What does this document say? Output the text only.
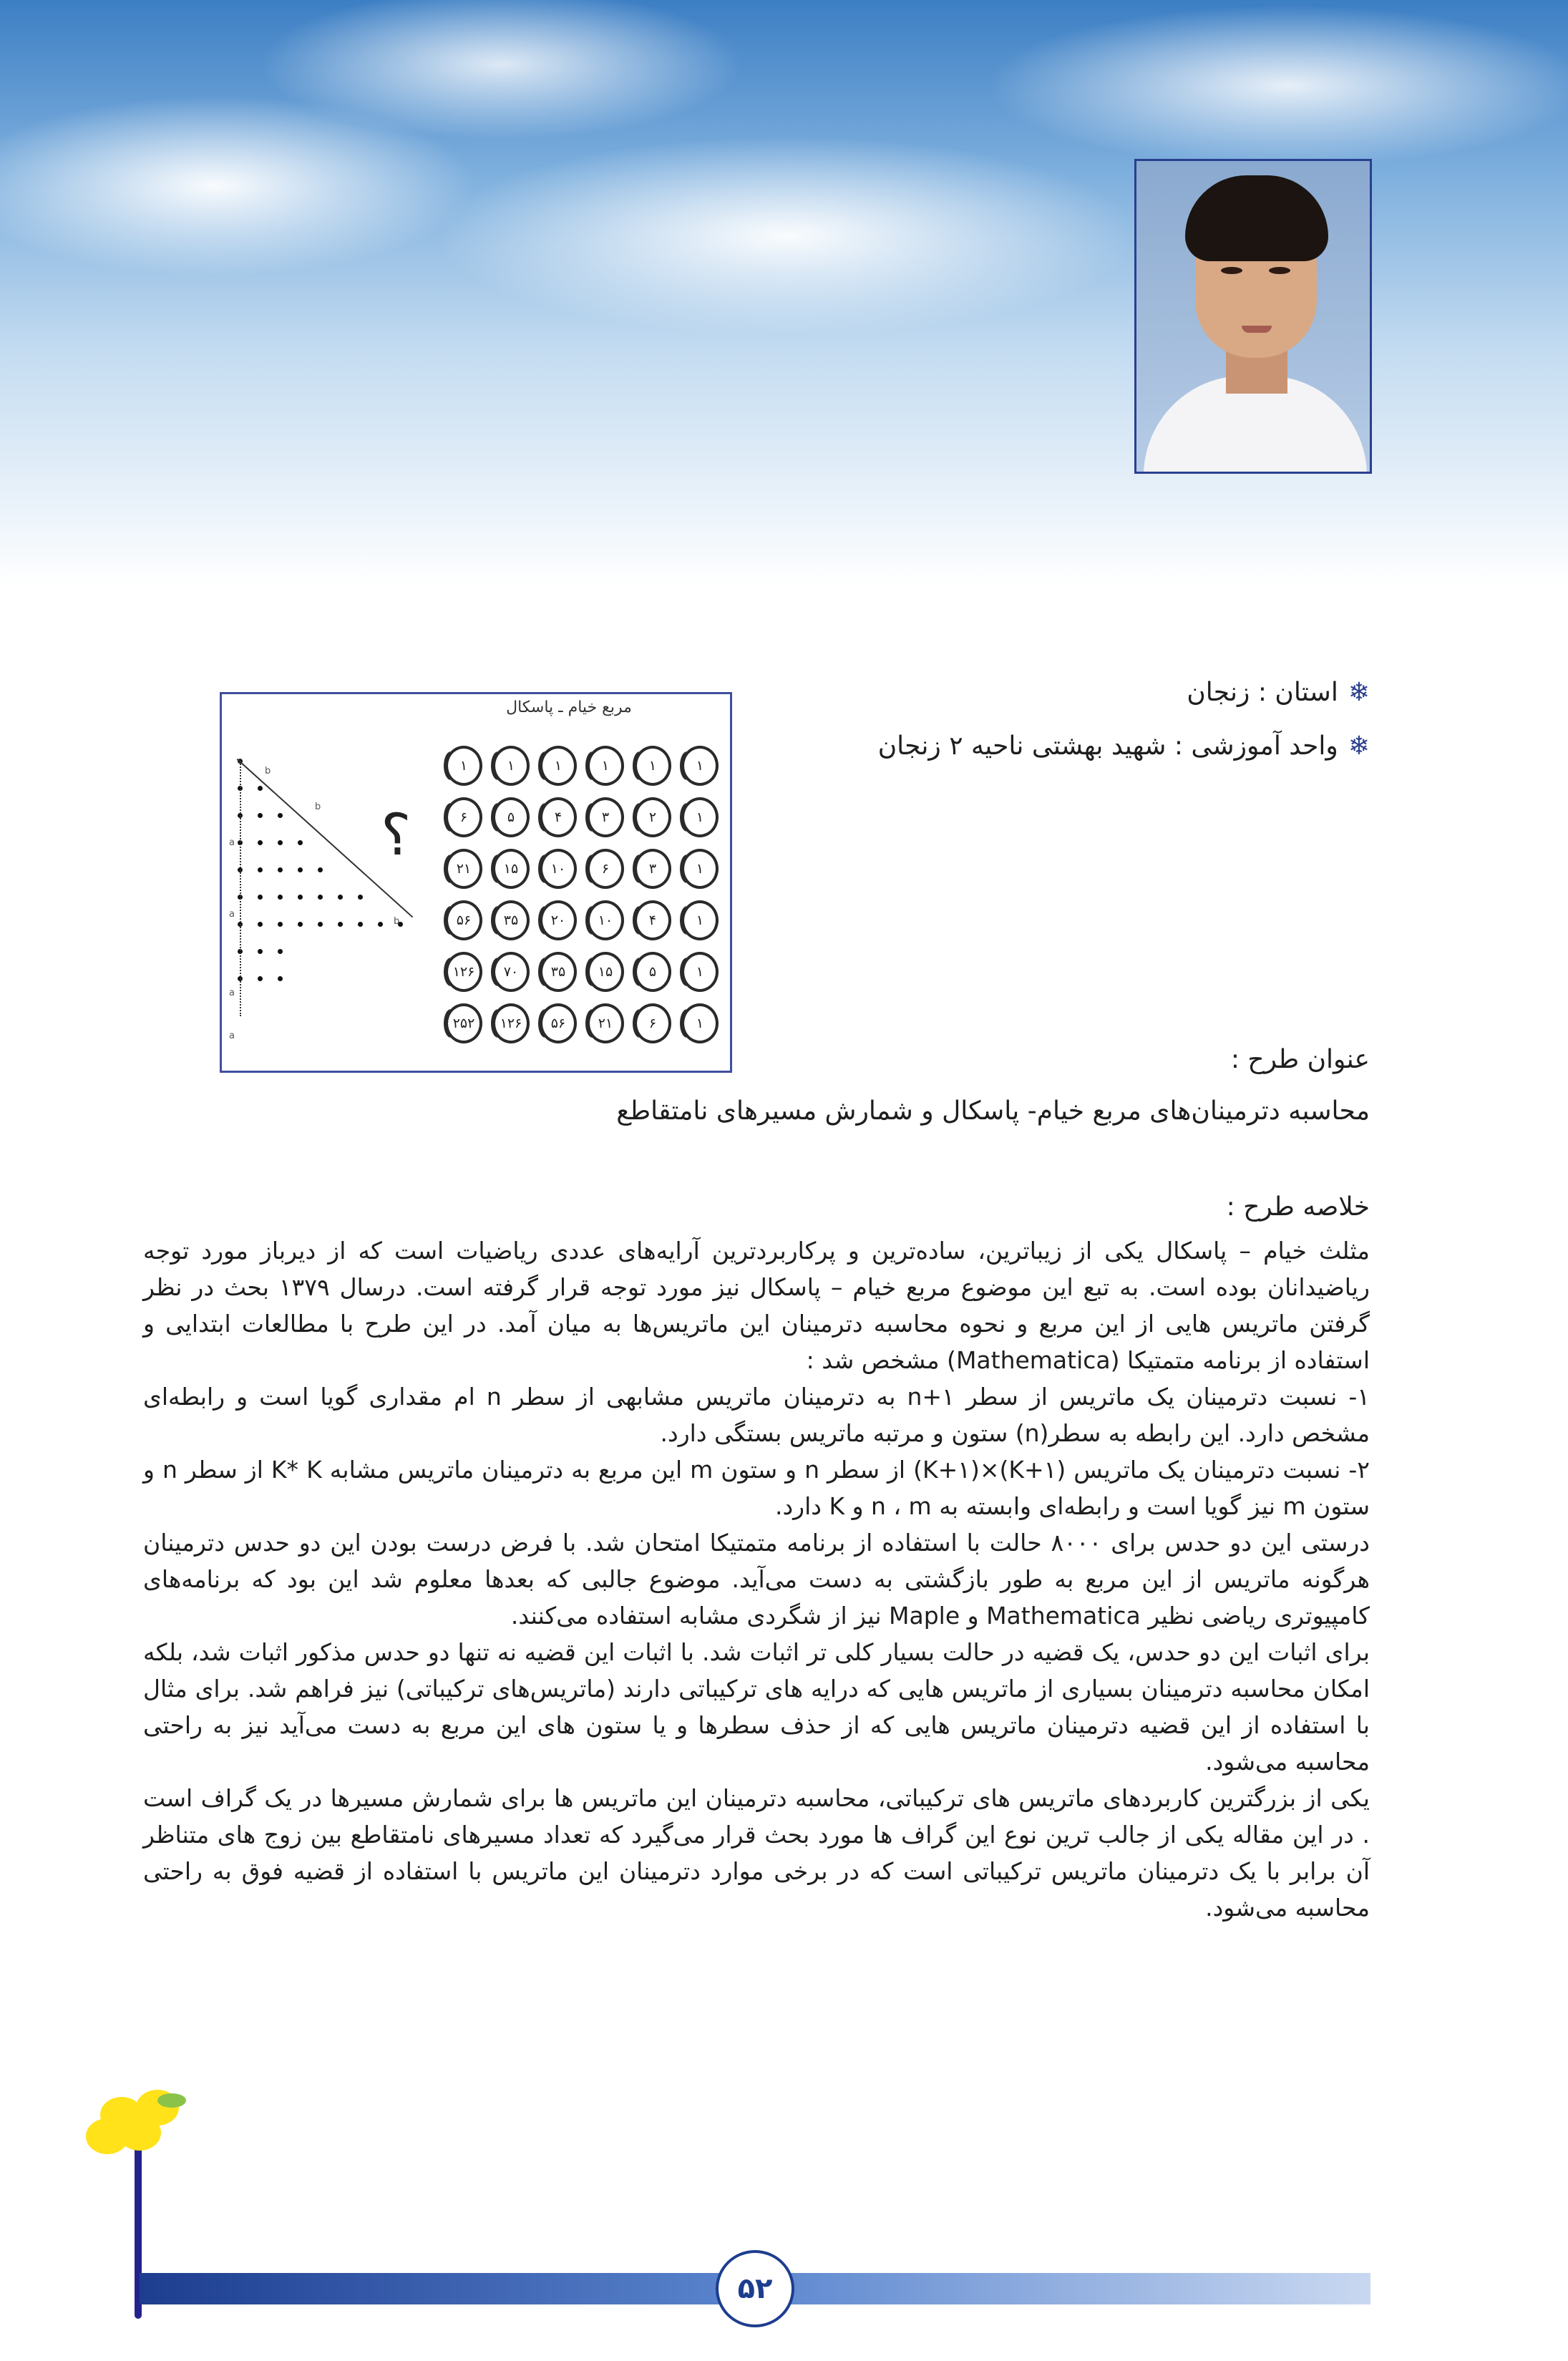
❄استان : زنجان
❄واحد آموزشی : شهید بهشتی ناحیه ۲ زنجان
مربع خیام ـ پاسکال
؟
b
b
a
a
a
b
a
۱
۱
۱
۱
۱
۱
۱
۲
۳
۴
۵
۶
۱
۳
۶
۱۰
۱۵
۲۱
۱
۴
۱۰
۲۰
۳۵
۵۶
۱
۵
۱۵
۳۵
۷۰
۱۲۶
۱
۶
۲۱
۵۶
۱۲۶
۲۵۲
عنوان طرح :
محاسبه دترمینان‌های مربع خیام- پاسکال و شمارش مسیرهای نامتقاطع
خلاصه طرح :

مثلث خیام – پاسکال یکی از زیباترین، ساده‌ترین و پرکاربردترین آرایه‌های عددی ریاضیات است که از دیرباز مورد توجه ریاضیدانان بوده است. به تبع این موضوع مربع خیام – پاسکال نیز مورد توجه قرار گرفته است. درسال ۱۳۷۹ بحث در نظر گرفتن ماتریس هایی از این مربع و نحوه محاسبه دترمینان این ماتریس‌ها به میان آمد. در این طرح با مطالعات ابتدایی و استفاده از برنامه متمتیکا (Mathematica) مشخص شد :

۱- نسبت دترمینان یک ماتریس از سطر n+۱ به دترمینان ماتریس مشابهی از سطر n ام مقداری گویا است و رابطه‌ای مشخص دارد. این رابطه به سطر(n) ستون و مرتبه ماتریس بستگی دارد.

۲- نسبت دترمینان یک ماتریس (K+۱)×(K+۱) از سطر n و ستون m این مربع به دترمینان ماتریس مشابه K* K از سطر n و ستون m نیز گویا است و رابطه‌ای وابسته به n ، m و K دارد.

درستی این دو حدس برای ۸۰۰۰ حالت با استفاده از برنامه متمتیکا امتحان شد. با فرض درست بودن این دو حدس دترمینان هرگونه ماتریس از این مربع به طور بازگشتی به دست می‌آید. موضوع جالبی که بعدها معلوم شد این بود که برنامه‌های کامپیوتری ریاضی نظیر Mathematica و Maple نیز از شگردی مشابه استفاده می‌کنند.

برای اثبات این دو حدس، یک قضیه در حالت بسیار کلی تر اثبات شد. با اثبات این قضیه نه تنها دو حدس مذکور اثبات شد، بلکه امکان محاسبه دترمینان بسیاری از ماتریس هایی که درایه های ترکیباتی دارند (ماتریس‌های ترکیباتی) نیز فراهم شد. برای مثال با استفاده از این قضیه دترمینان ماتریس هایی که از حذف سطرها و یا ستون های این مربع به دست می‌آید نیز به راحتی محاسبه می‌شود.

یکی از بزرگترین کاربردهای ماتریس های ترکیباتی، محاسبه دترمینان این ماتریس ها برای شمارش مسیرها در یک گراف است . در این مقاله یکی از جالب ترین نوع این گراف ها مورد بحث قرار می‌گیرد که تعداد مسیرهای نامتقاطع بین زوج های متناظر آن برابر با یک دترمینان ماتریس ترکیباتی است که در برخی موارد دترمینان این ماتریس با استفاده از قضیه فوق به راحتی محاسبه می‌شود.

۵۲
